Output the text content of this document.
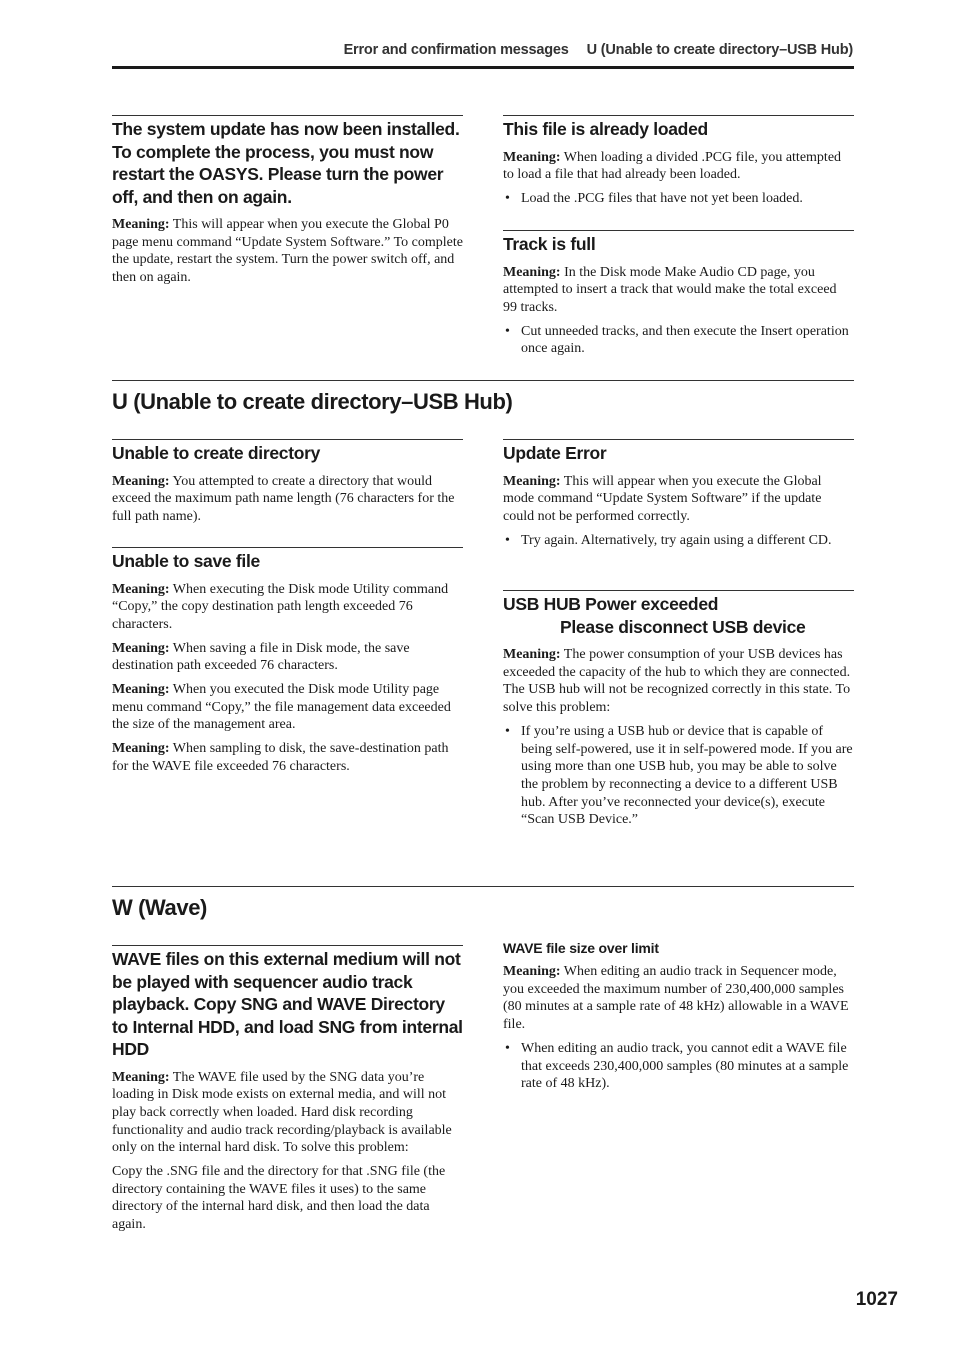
Error and confirmation messages U (Unable to create directory–USB Hub)
The system update has now been installed. To complete the process, you must now restart the OASYS. Please turn the power off, and then on again.

Meaning: This will appear when you execute the Global P0 page menu command “Update System Software.” To complete the update, restart the system. Turn the power switch off, and then on again.

This file is already loaded

Meaning: When loading a divided .PCG file, you attempted to load a file that had already been loaded.

• Load the .PCG files that have not yet been loaded.
Track is full

Meaning: In the Disk mode Make Audio CD page, you attempted to insert a track that would make the total exceed 99 tracks.

• Cut unneeded tracks, and then execute the Insert operation once again.
U (Unable to create directory–USB Hub)
Unable to create directory

Meaning: You attempted to create a directory that would exceed the maximum path name length (76 characters for the full path name).

Unable to save file

Meaning: When executing the Disk mode Utility command “Copy,” the copy destination path length exceeded 76 characters.

Meaning: When saving a file in Disk mode, the save destination path exceeded 76 characters.

Meaning: When you executed the Disk mode Utility page menu command “Copy,” the file management data exceeded the size of the management area.

Meaning: When sampling to disk, the save-destination path for the WAVE file exceeded 76 characters.

Update Error

Meaning: This will appear when you execute the Global mode command “Update System Software” if the update could not be performed correctly.

• Try again. Alternatively, try again using a different CD.
USB HUB Power exceeded
Please disconnect USB device

Meaning: The power consumption of your USB devices has exceeded the capacity of the hub to which they are connected. The USB hub will not be recognized correctly in this state. To solve this problem:

• If you’re using a USB hub or device that is capable of being self-powered, use it in self-powered mode. If you are using more than one USB hub, you may be able to solve the problem by reconnecting a device to a different USB hub. After you’ve reconnected your device(s), execute “Scan USB Device.”
W (Wave)
WAVE files on this external medium will not be played with sequencer audio track playback. Copy SNG and WAVE Directory to Internal HDD, and load SNG from internal HDD

Meaning: The WAVE file used by the SNG data you’re loading in Disk mode exists on external media, and will not play back correctly when loaded. Hard disk recording functionality and audio track recording/playback is available only on the internal hard disk. To solve this problem:

Copy the .SNG file and the directory for that .SNG file (the directory containing the WAVE files it uses) to the same directory of the internal hard disk, and then load the data again.

WAVE file size over limit

Meaning: When editing an audio track in Sequencer mode, you exceeded the maximum number of 230,400,000 samples (80 minutes at a sample rate of 48 kHz) allowable in a WAVE file.

• When editing an audio track, you cannot edit a WAVE file that exceeds 230,400,000 samples (80 minutes at a sample rate of 48 kHz).
1027
